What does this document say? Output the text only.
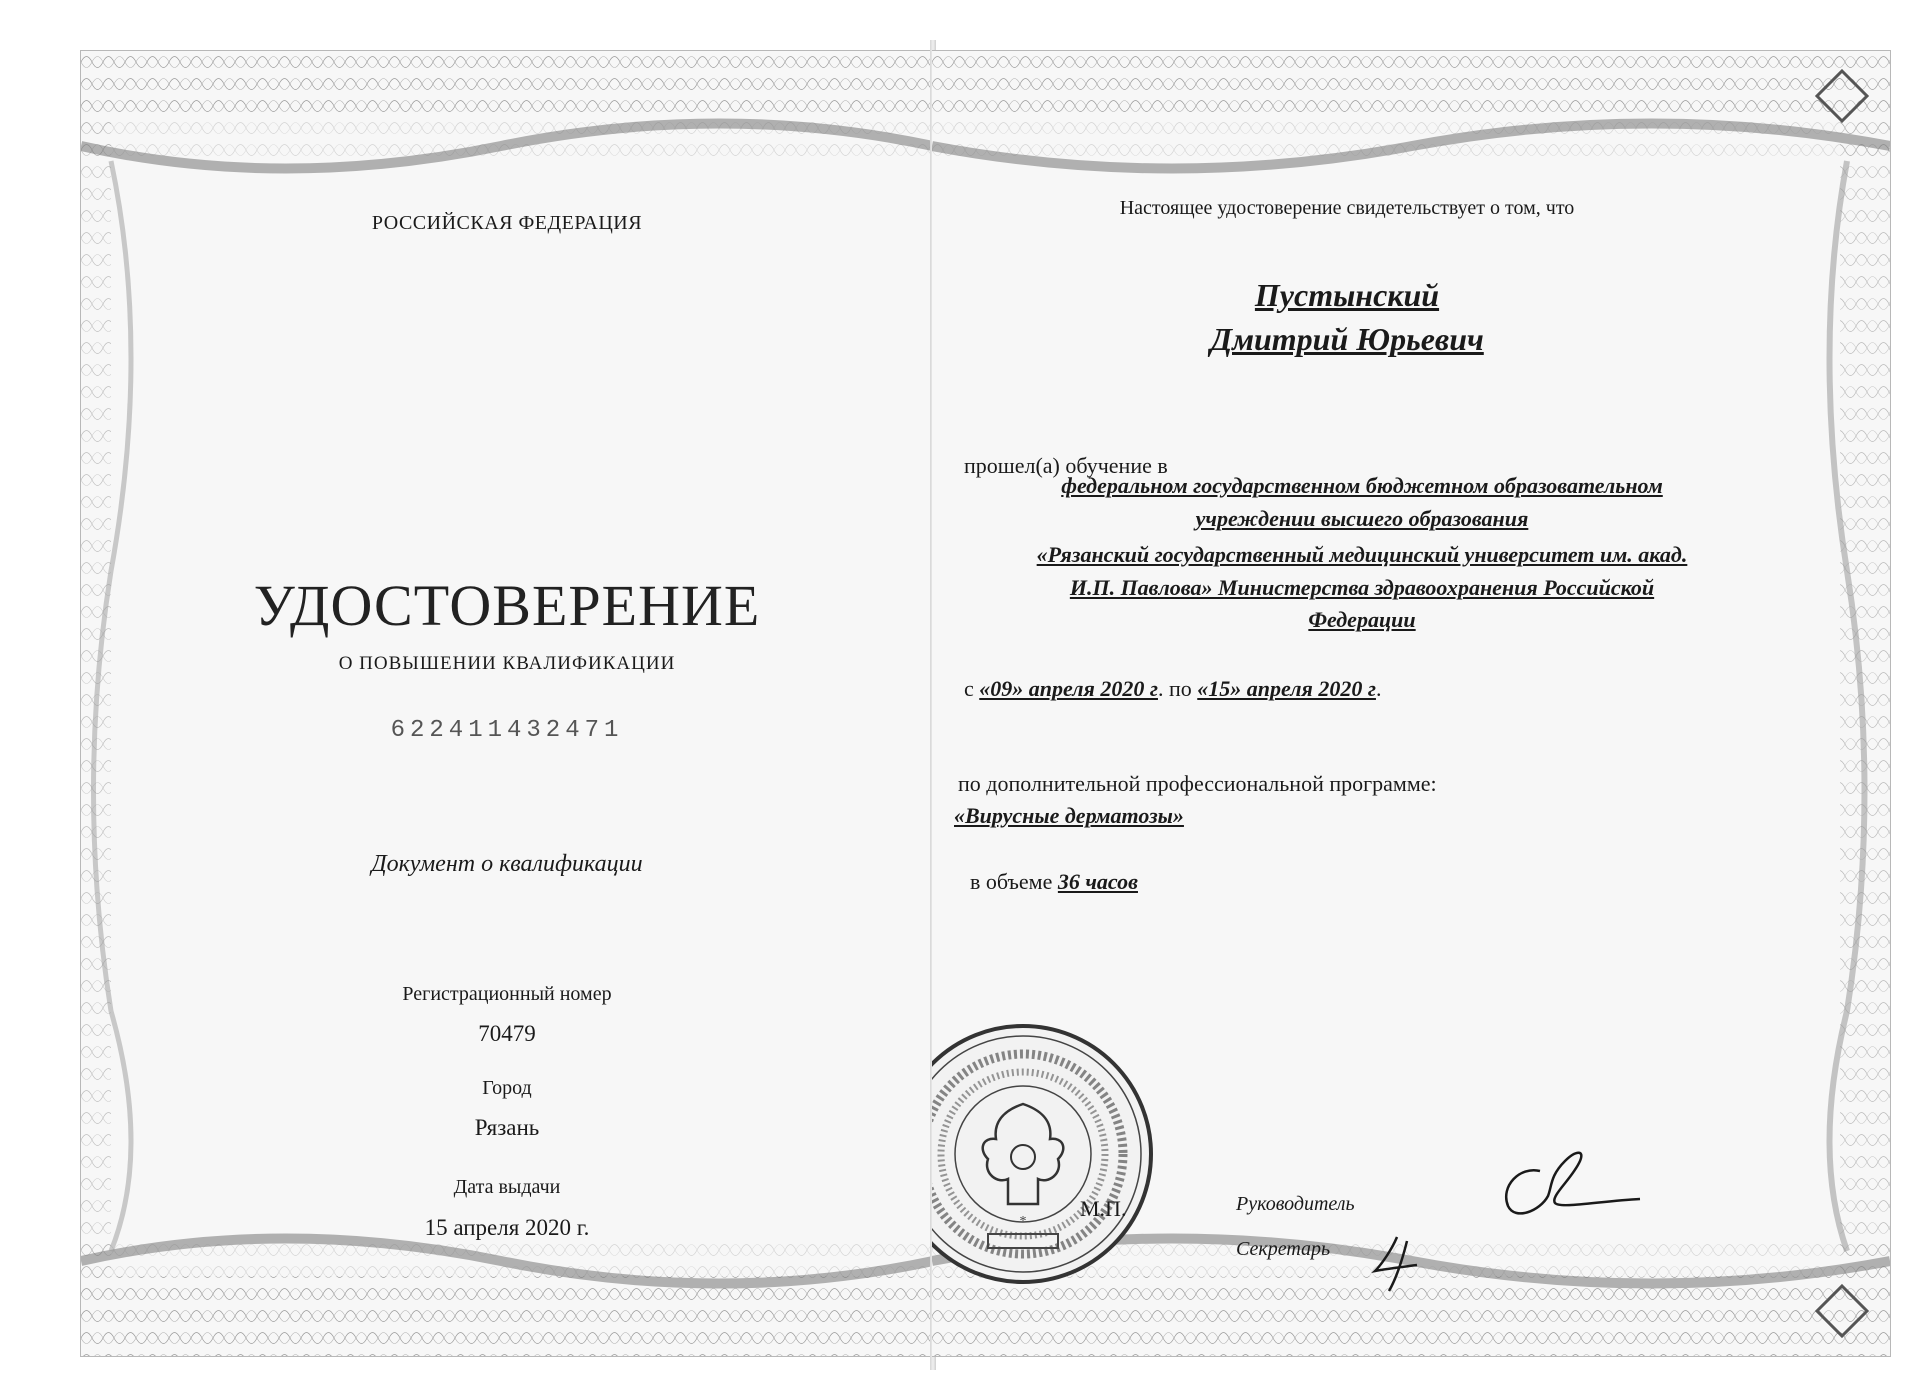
РОССИЙСКАЯ ФЕДЕРАЦИЯ
УДОСТОВЕРЕНИЕ
О ПОВЫШЕНИИ КВАЛИФИКАЦИИ
622411432471
Документ о квалификации
Регистрационный номер
70479
Город
Рязань
Дата выдачи
15 апреля 2020 г.
Настоящее удостоверение свидетельствует о том, что
Пустынский
Дмитрий Юрьевич
прошел(а) обучение в
федеральном государственном бюджетном образовательном
учреждении высшего образования
«Рязанский государственный медицинский университет им. акад.
И.П. Павлова» Министерства здравоохранения Российской
Федерации
с «09» апреля 2020 г. по «15» апреля 2020 г.
по дополнительной профессиональной программе:
«Вирусные дерматозы»
в объеме 36 часов
*
М.П.	Руководитель
Секретарь
